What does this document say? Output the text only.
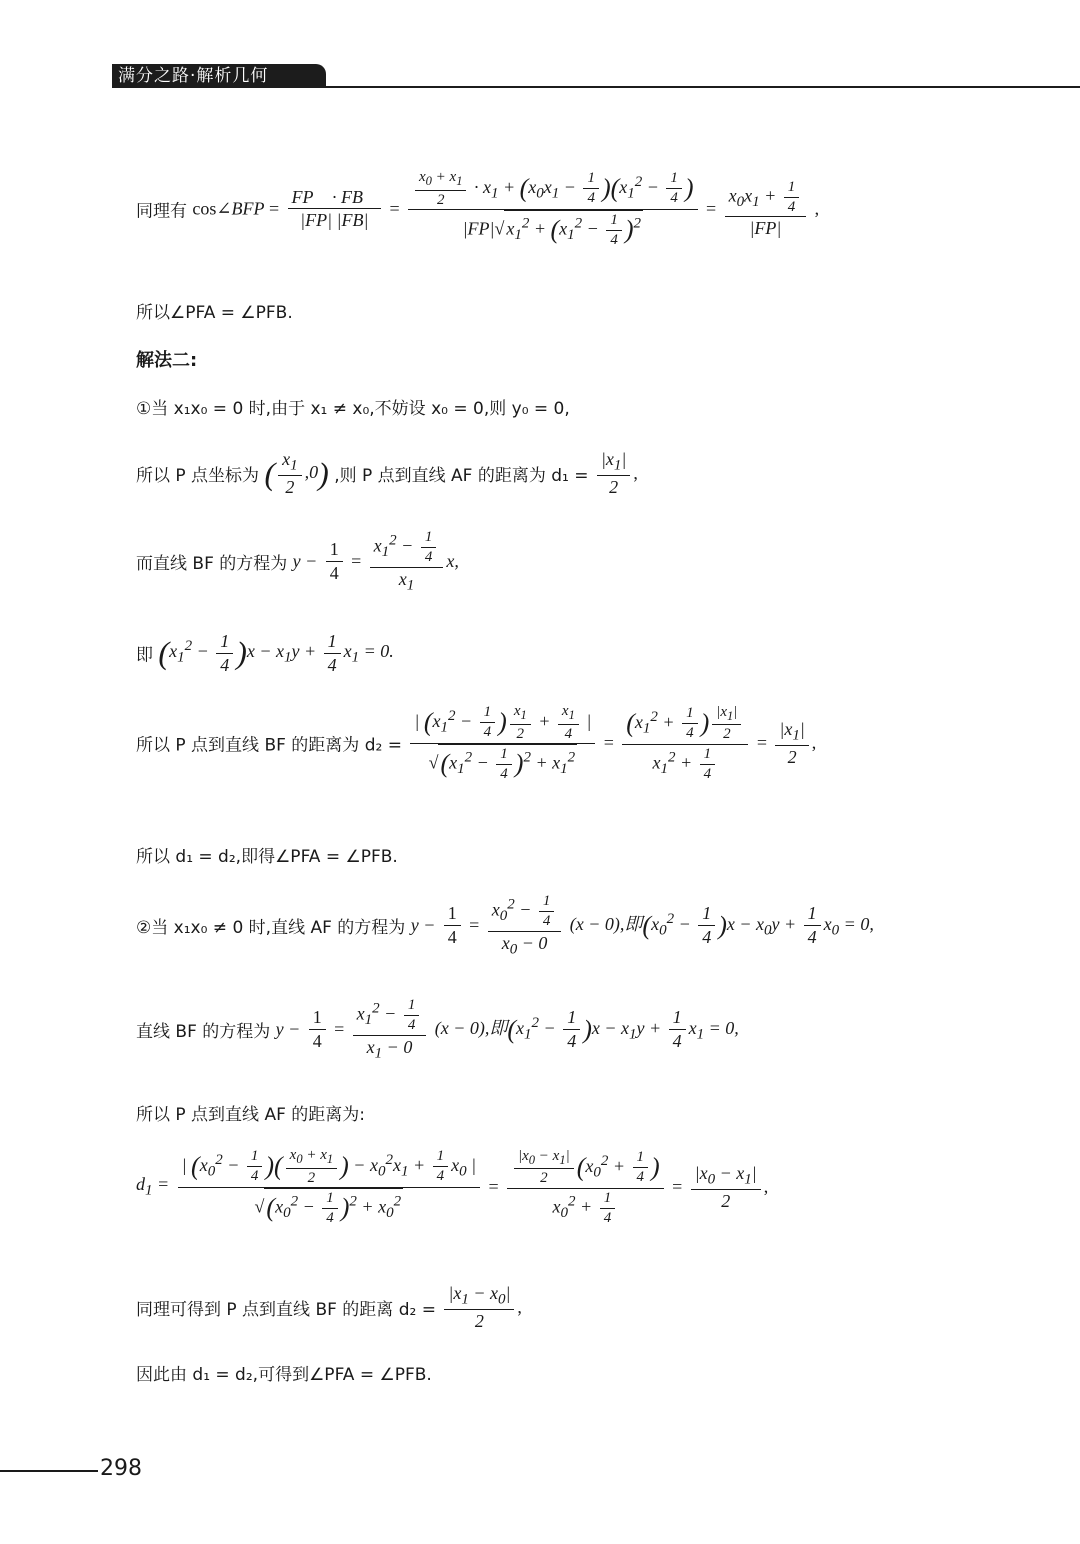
满分之路·解析几何
同理有 cos∠BFP = $\frac{FP⃗ \cdot FB⃗}{|FP| |FB|} = \frac{\frac{x_0 + x_1}{2} \cdot x_1 + (x_0x_1 - \frac{1}{4} )(x_1^2 - \frac{1}{4} )}{|FP|√ x_1^2 + (x_1^2 - \frac{1}{4} )^2} = \frac{x_0x_1 + \frac{1}{4}}{|FP|}$ ,
所以∠PFA = ∠PFB.
解法二:
①当 x₁x₀ = 0 时,由于 x₁ ≠ x₀,不妨设 x₀ = 0,则 y₀ = 0,
所以 P 点坐标为 ( $\frac{x_1}{2} ,0$) ,则 P 点到直线 AF 的距离为 $d_1 = \frac{|x_1|}{2}$ ,
而直线 BF 的方程为 $y - \frac{1}{4} = \frac{x_1^2 - \frac{1}{4}}{x_1} x$,
即 $(x_1^2 - \frac{1}{4} )x - x_1y + \frac{1}{4} x_1 = 0$.
所以 P 点到直线 BF 的距离为 $d_2 = \frac{| (x_1^2 - \frac{1}{4} ) \frac{x_1}{2} + \frac{x_1}{4} |}{√(x_1^2 - \frac{1}{4} )^2 + x_1^2} = \frac{(x_1^2 + \frac{1}{4} ) \frac{|x_1|}{2}}{x_1^2 + \frac{1}{4}} = \frac{|x_1|}{2}$ ,
所以 d₁ = d₂,即得∠PFA = ∠PFB.
②当 x₁x₀ ≠ 0 时,直线 AF 的方程为 $y - \frac{1}{4} = \frac{x_0^2 - \frac{1}{4}}{x_0 - 0} (x - 0)$,即$(x_0^2 - \frac{1}{4} )x - x_0y + \frac{1}{4} x_0 = 0$,
直线 BF 的方程为 $y - \frac{1}{4} = \frac{x_1^2 - \frac{1}{4}}{x_1 - 0} (x - 0)$,即$(x_1^2 - \frac{1}{4} )x - x_1y + \frac{1}{4} x_1 = 0$,
所以 P 点到直线 AF 的距离为:
$d_1 = \frac{| (x_0^2 - \frac{1}{4} )( \frac{x_0 + x_1}{2} ) - x_0^2x_1 + \frac{1}{4} x_0 |}{√(x_0^2 - \frac{1}{4} )^2 + x_0^2} = \frac{\frac{|x_0 - x_1|}{2} (x_0^2 + \frac{1}{4} )}{x_0^2 + \frac{1}{4}} = \frac{|x_0 - x_1|}{2}$ ,
同理可得到 P 点到直线 BF 的距离 $d_2 = \frac{|x_1 - x_0|}{2}$ ,
因此由 d₁ = d₂,可得到∠PFA = ∠PFB.
298
